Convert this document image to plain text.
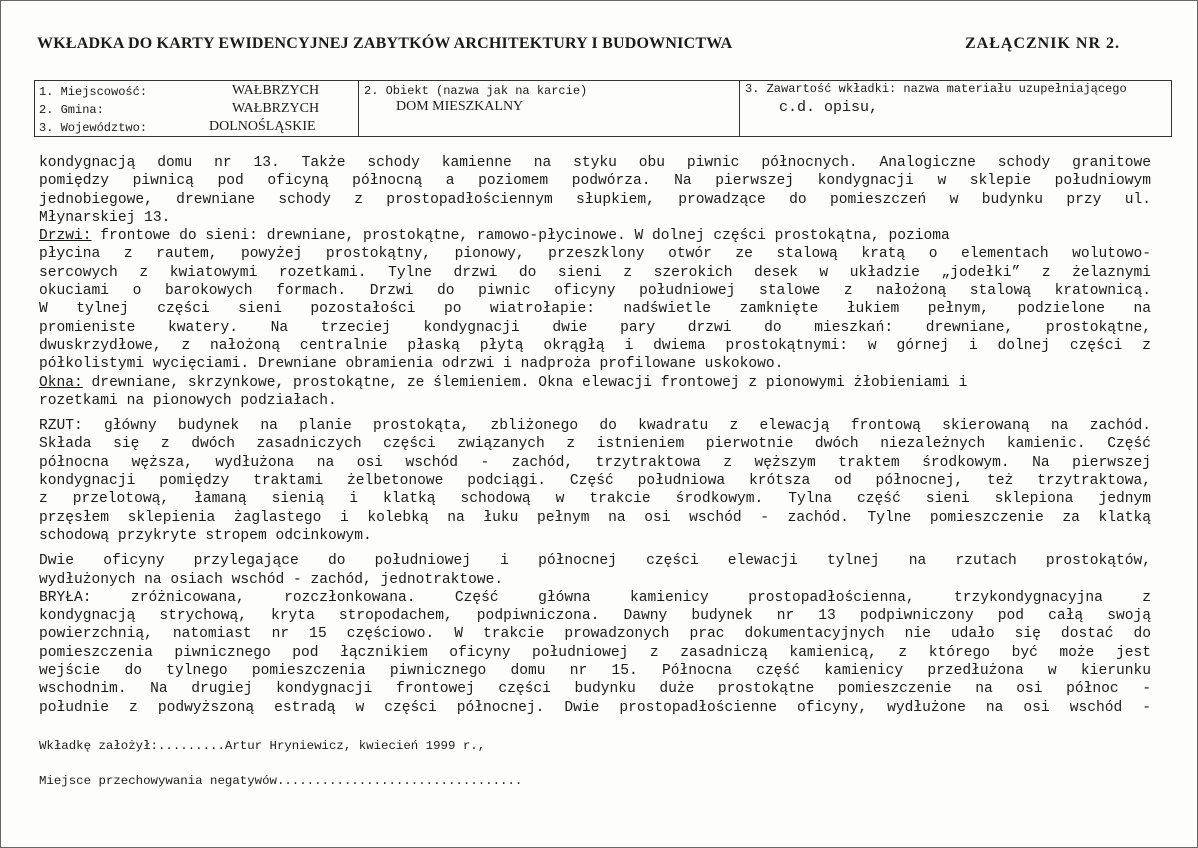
WKŁADKA DO KARTY EWIDENCYJNEJ ZABYTKÓW ARCHITEKTURY I BUDOWNICTWA	ZAŁĄCZNIK NR 2.
1. Miejscowość:	WAŁBRZYCH
2. Gmina:	WAŁBRZYCH
3. Województwo:	DOLNOŚLĄSKIE
2. Obiekt (nazwa jak na karcie)
DOM MIESZKALNY
3. Zawartość wkładki: nazwa materiału uzupełniającego
c.d. opisu,
kondygnacją domu nr 13. Także schody kamienne na styku obu piwnic północnych. Analogiczne schody granitowe
pomiędzy piwnicą pod oficyną północną a poziomem podwórza. Na pierwszej kondygnacji w sklepie południowym
jednobiegowe, drewniane schody z prostopadłościennym słupkiem, prowadzące do pomieszczeń w budynku przy ul.
Młynarskiej 13.
Drzwi: frontowe do sieni: drewniane, prostokątne, ramowo-płycinowe. W dolnej części prostokątna, pozioma
płycina z rautem, powyżej prostokątny, pionowy, przeszklony otwór ze stalową kratą o elementach wolutowo-
sercowych z kwiatowymi rozetkami. Tylne drzwi do sieni z szerokich desek w układzie „jodełki” z żelaznymi
okuciami o barokowych formach. Drzwi do piwnic oficyny południowej stalowe z nałożoną stalową kratownicą.
W tylnej części sieni pozostałości po wiatrołapie: nadświetle zamknięte łukiem pełnym, podzielone na
promieniste kwatery. Na trzeciej kondygnacji dwie pary drzwi do mieszkań: drewniane, prostokątne,
dwuskrzydłowe, z nałożoną centralnie płaską płytą okrągłą i dwiema prostokątnymi: w górnej i dolnej części z
półkolistymi wycięciami. Drewniane obramienia odrzwi i nadproża profilowane uskokowo.
Okna: drewniane, skrzynkowe, prostokątne, ze ślemieniem. Okna elewacji frontowej z pionowymi żłobieniami i
rozetkami na pionowych podziałach.
RZUT: główny budynek na planie prostokąta, zbliżonego do kwadratu z elewacją frontową skierowaną na zachód.
Składa się z dwóch zasadniczych części związanych z istnieniem pierwotnie dwóch niezależnych kamienic. Część
północna węższa, wydłużona na osi wschód - zachód, trzytraktowa z węższym traktem środkowym. Na pierwszej
kondygnacji pomiędzy traktami żelbetonowe podciągi. Część południowa krótsza od północnej, też trzytraktowa,
z przelotową, łamaną sienią i klatką schodową w trakcie środkowym. Tylna część sieni sklepiona jednym
przęsłem sklepienia żaglastego i kolebką na łuku pełnym na osi wschód - zachód. Tylne pomieszczenie za klatką
schodową przykryte stropem odcinkowym.
Dwie oficyny przylegające do południowej i północnej części elewacji tylnej na rzutach prostokątów,
wydłużonych na osiach wschód - zachód, jednotraktowe.
BRYŁA: zróżnicowana, rozczłonkowana. Część główna kamienicy prostopadłościenna, trzykondygnacyjna z
kondygnacją strychową, kryta stropodachem, podpiwniczona. Dawny budynek nr 13 podpiwniczony pod całą swoją
powierzchnią, natomiast nr 15 częściowo. W trakcie prowadzonych prac dokumentacyjnych nie udało się dostać do
pomieszczenia piwnicznego pod łącznikiem oficyny południowej z zasadniczą kamienicą, z którego być może jest
wejście do tylnego pomieszczenia piwnicznego domu nr 15. Północna część kamienicy przedłużona w kierunku
wschodnim. Na drugiej kondygnacji frontowej części budynku duże prostokątne pomieszczenie na osi północ -
południe z podwyższoną estradą w części północnej. Dwie prostopadłościenne oficyny, wydłużone na osi wschód -
Wkładkę założył:.........Artur Hryniewicz, kwiecień 1999 r.,
Miejsce przechowywania negatywów.................................
